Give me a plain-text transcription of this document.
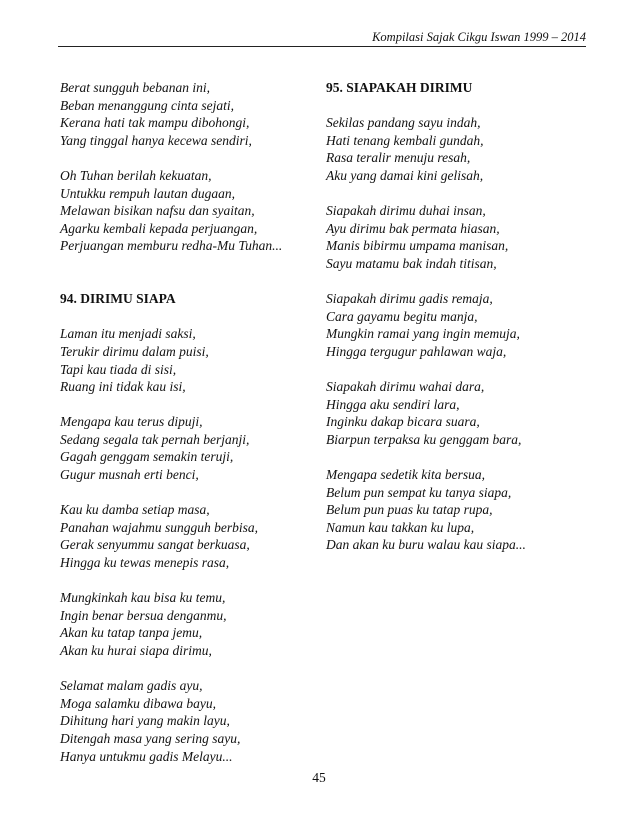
Kompilasi Sajak Cikgu Iswan 1999 – 2014
Berat sungguh bebanan ini,
Beban menanggung cinta sejati,
Kerana hati tak mampu dibohongi,
Yang tinggal hanya kecewa sendiri,
Oh Tuhan berilah kekuatan,
Untukku rempuh lautan dugaan,
Melawan bisikan nafsu dan syaitan,
Agarku kembali kepada perjuangan,
Perjuangan memburu redha-Mu Tuhan...
94. DIRIMU SIAPA
Laman itu menjadi saksi,
Terukir dirimu dalam puisi,
Tapi kau tiada di sisi,
Ruang ini tidak kau isi,
Mengapa kau terus dipuji,
Sedang segala tak pernah berjanji,
Gagah genggam semakin teruji,
Gugur musnah erti benci,
Kau ku damba setiap masa,
Panahan wajahmu sungguh berbisa,
Gerak senyummu sangat berkuasa,
Hingga ku tewas menepis rasa,
Mungkinkah kau bisa ku temu,
Ingin benar bersua denganmu,
Akan ku tatap tanpa jemu,
Akan ku hurai siapa dirimu,
Selamat malam gadis ayu,
Moga salamku dibawa bayu,
Dihitung hari yang makin layu,
Ditengah masa yang sering sayu,
Hanya untukmu gadis Melayu...
95. SIAPAKAH DIRIMU
Sekilas pandang sayu indah,
Hati tenang kembali gundah,
Rasa teralir menuju resah,
Aku yang damai kini gelisah,
Siapakah dirimu duhai insan,
Ayu dirimu bak permata hiasan,
Manis bibirmu umpama manisan,
Sayu matamu bak indah titisan,
Siapakah dirimu gadis remaja,
Cara gayamu begitu manja,
Mungkin ramai yang ingin memuja,
Hingga tergugur pahlawan waja,
Siapakah dirimu wahai dara,
Hingga aku sendiri lara,
Inginku dakap bicara suara,
Biarpun terpaksa ku genggam bara,
Mengapa sedetik kita bersua,
Belum pun sempat ku tanya siapa,
Belum pun puas ku tatap rupa,
Namun kau takkan ku lupa,
Dan akan ku buru walau kau siapa...
45
